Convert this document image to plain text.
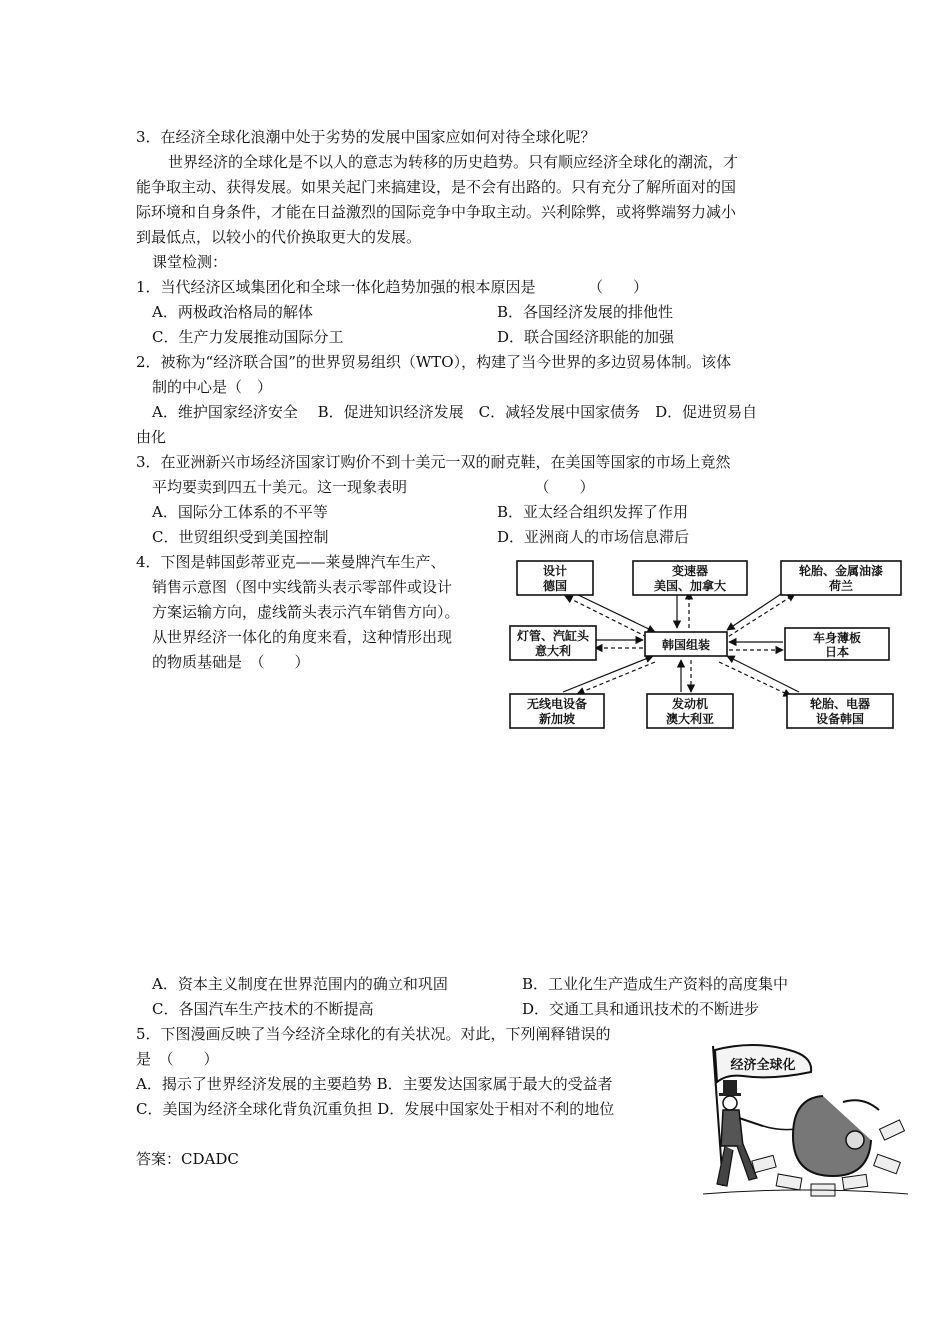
3．在经济全球化浪潮中处于劣势的发展中国家应如何对待全球化呢？
世界经济的全球化是不以人的意志为转移的历史趋势。只有顺应经济全球化的潮流，才
能争取主动、获得发展。如果关起门来搞建设，是不会有出路的。只有充分了解所面对的国
际环境和自身条件，才能在日益激烈的国际竞争中争取主动。兴利除弊，或将弊端努力减小
到最低点，以较小的代价换取更大的发展。
课堂检测：
1．当代经济区域集团化和全球一体化趋势加强的根本原因是　　　　（　　）
A．两极政治格局的解体	B．各国经济发展的排他性
C．生产力发展推动国际分工	D．联合国经济职能的加强
2．被称为“经济联合国”的世界贸易组织（WTO），构建了当今世界的多边贸易体制。该体
制的中心是（　）
A．维护国家经济安全　 B．促进知识经济发展　C．减轻发展中国家债务　D．促进贸易自
由化
3．在亚洲新兴市场经济国家订购价不到十美元一双的耐克鞋，在美国等国家的市场上竟然
平均要卖到四五十美元。这一现象表明　　　　　　　　　（　　）
A．国际分工体系的不平等	B．亚太经合组织发挥了作用
C．世贸组织受到美国控制	D．亚洲商人的市场信息滞后
4．下图是韩国彭蒂亚克——莱曼牌汽车生产、
销售示意图（图中实线箭头表示零部件或设计
方案运输方向，虚线箭头表示汽车销售方向）。
从世界经济一体化的角度来看，这种情形出现
的物质基础是　（　　）
设计
德国
变速器
美国、加拿大
轮胎、金属油漆
荷兰
灯管、汽缸头
意大利	韩国组装	车身薄板
日本
无线电设备
新加坡
发动机
澳大利亚
轮胎、电器
设备韩国
A．资本主义制度在世界范围内的确立和巩固	B．工业化生产造成生产资料的高度集中
C．各国汽车生产技术的不断提高	D．交通工具和通讯技术的不断进步
5．下图漫画反映了当今经济全球化的有关状况。对此，下列阐释错误的
是　（　　）
A．揭示了世界经济发展的主要趋势 B．主要发达国家属于最大的受益者
C．美国为经济全球化背负沉重负担 D．发展中国家处于相对不利的地位
经济全球化
答案：CDADC
